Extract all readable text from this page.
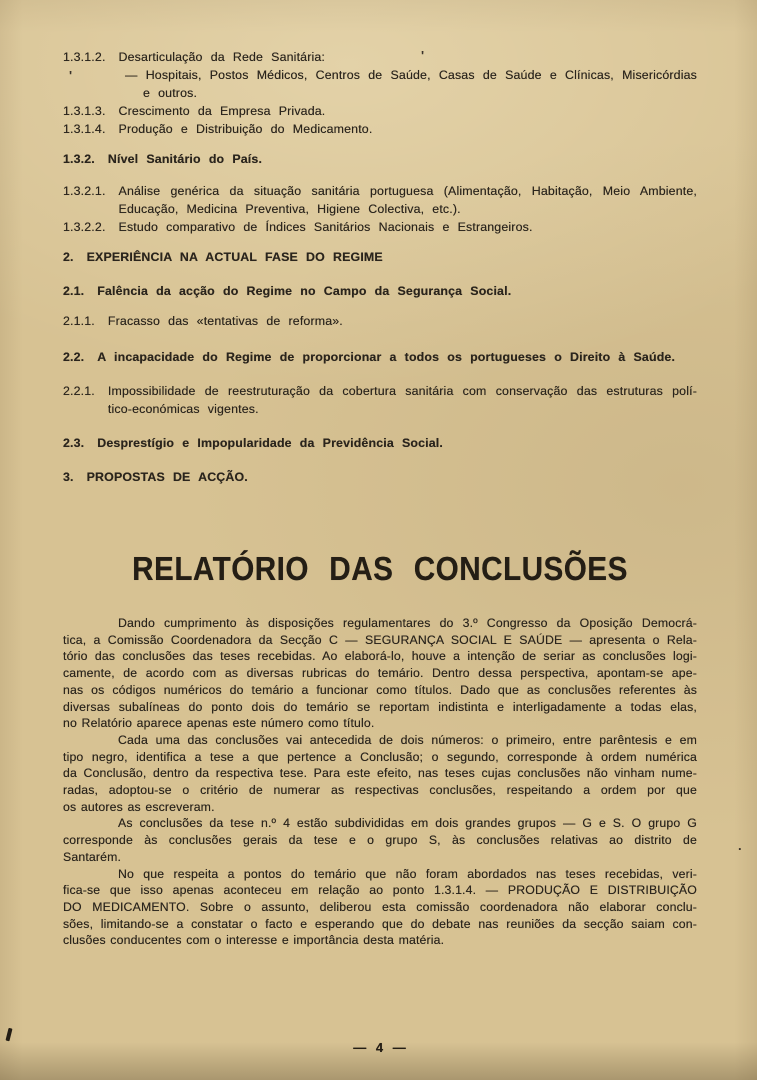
1.3.1.2. Desarticulação da Rede Sanitária:
— Hospitais, Postos Médicos, Centros de Saúde, Casas de Saúde e Clínicas, Misericórdias
e outros.
1.3.1.3. Crescimento da Empresa Privada.
1.3.1.4. Produção e Distribuição do Medicamento.
1.3.2. Nível Sanitário do País.
1.3.2.1. Análise genérica da situação sanitária portuguesa (Alimentação, Habitação, Meio Ambiente,
Educação, Medicina Preventiva, Higiene Colectiva, etc.).
1.3.2.2. Estudo comparativo de Índices Sanitários Nacionais e Estrangeiros.
2. EXPERIÊNCIA NA ACTUAL FASE DO REGIME
2.1. Falência da acção do Regime no Campo da Segurança Social.
2.1.1. Fracasso das «tentativas de reforma».
2.2. A incapacidade do Regime de proporcionar a todos os portugueses o Direito à Saúde.
2.2.1. Impossibilidade de reestruturação da cobertura sanitária com conservação das estruturas polí-
tico-económicas vigentes.
2.3. Desprestígio e Impopularidade da Previdência Social.
3. PROPOSTAS DE ACÇÃO.
RELATÓRIO DAS CONCLUSÕES
Dando cumprimento às disposições regulamentares do 3.º Congresso da Oposição Democrá-
tica, a Comissão Coordenadora da Secção C — SEGURANÇA SOCIAL E SAÚDE — apresenta o Rela-
tório das conclusões das teses recebidas. Ao elaborá-lo, houve a intenção de seriar as conclusões logi-
camente, de acordo com as diversas rubricas do temário. Dentro dessa perspectiva, apontam-se ape-
nas os códigos numéricos do temário a funcionar como títulos. Dado que as conclusões referentes às
diversas subalíneas do ponto dois do temário se reportam indistinta e interligadamente a todas elas,
no Relatório aparece apenas este número como título.
Cada uma das conclusões vai antecedida de dois números: o primeiro, entre parêntesis e em
tipo negro, identifica a tese a que pertence a Conclusão; o segundo, corresponde à ordem numérica
da Conclusão, dentro da respectiva tese. Para este efeito, nas teses cujas conclusões não vinham nume-
radas, adoptou-se o critério de numerar as respectivas conclusões, respeitando a ordem por que
os autores as escreveram.
As conclusões da tese n.º 4 estão subdivididas em dois grandes grupos — G e S. O grupo G
corresponde às conclusões gerais da tese e o grupo S, às conclusões relativas ao distrito de
Santarém.
No que respeita a pontos do temário que não foram abordados nas teses recebidas, veri-
fica-se que isso apenas aconteceu em relação ao ponto 1.3.1.4. — PRODUÇÃO E DISTRIBUIÇÃO
DO MEDICAMENTO. Sobre o assunto, deliberou esta comissão coordenadora não elaborar conclu-
sões, limitando-se a constatar o facto e esperando que do debate nas reuniões da secção saiam con-
clusões conducentes com o interesse e importância desta matéria.
— 4 —
'
'
.
